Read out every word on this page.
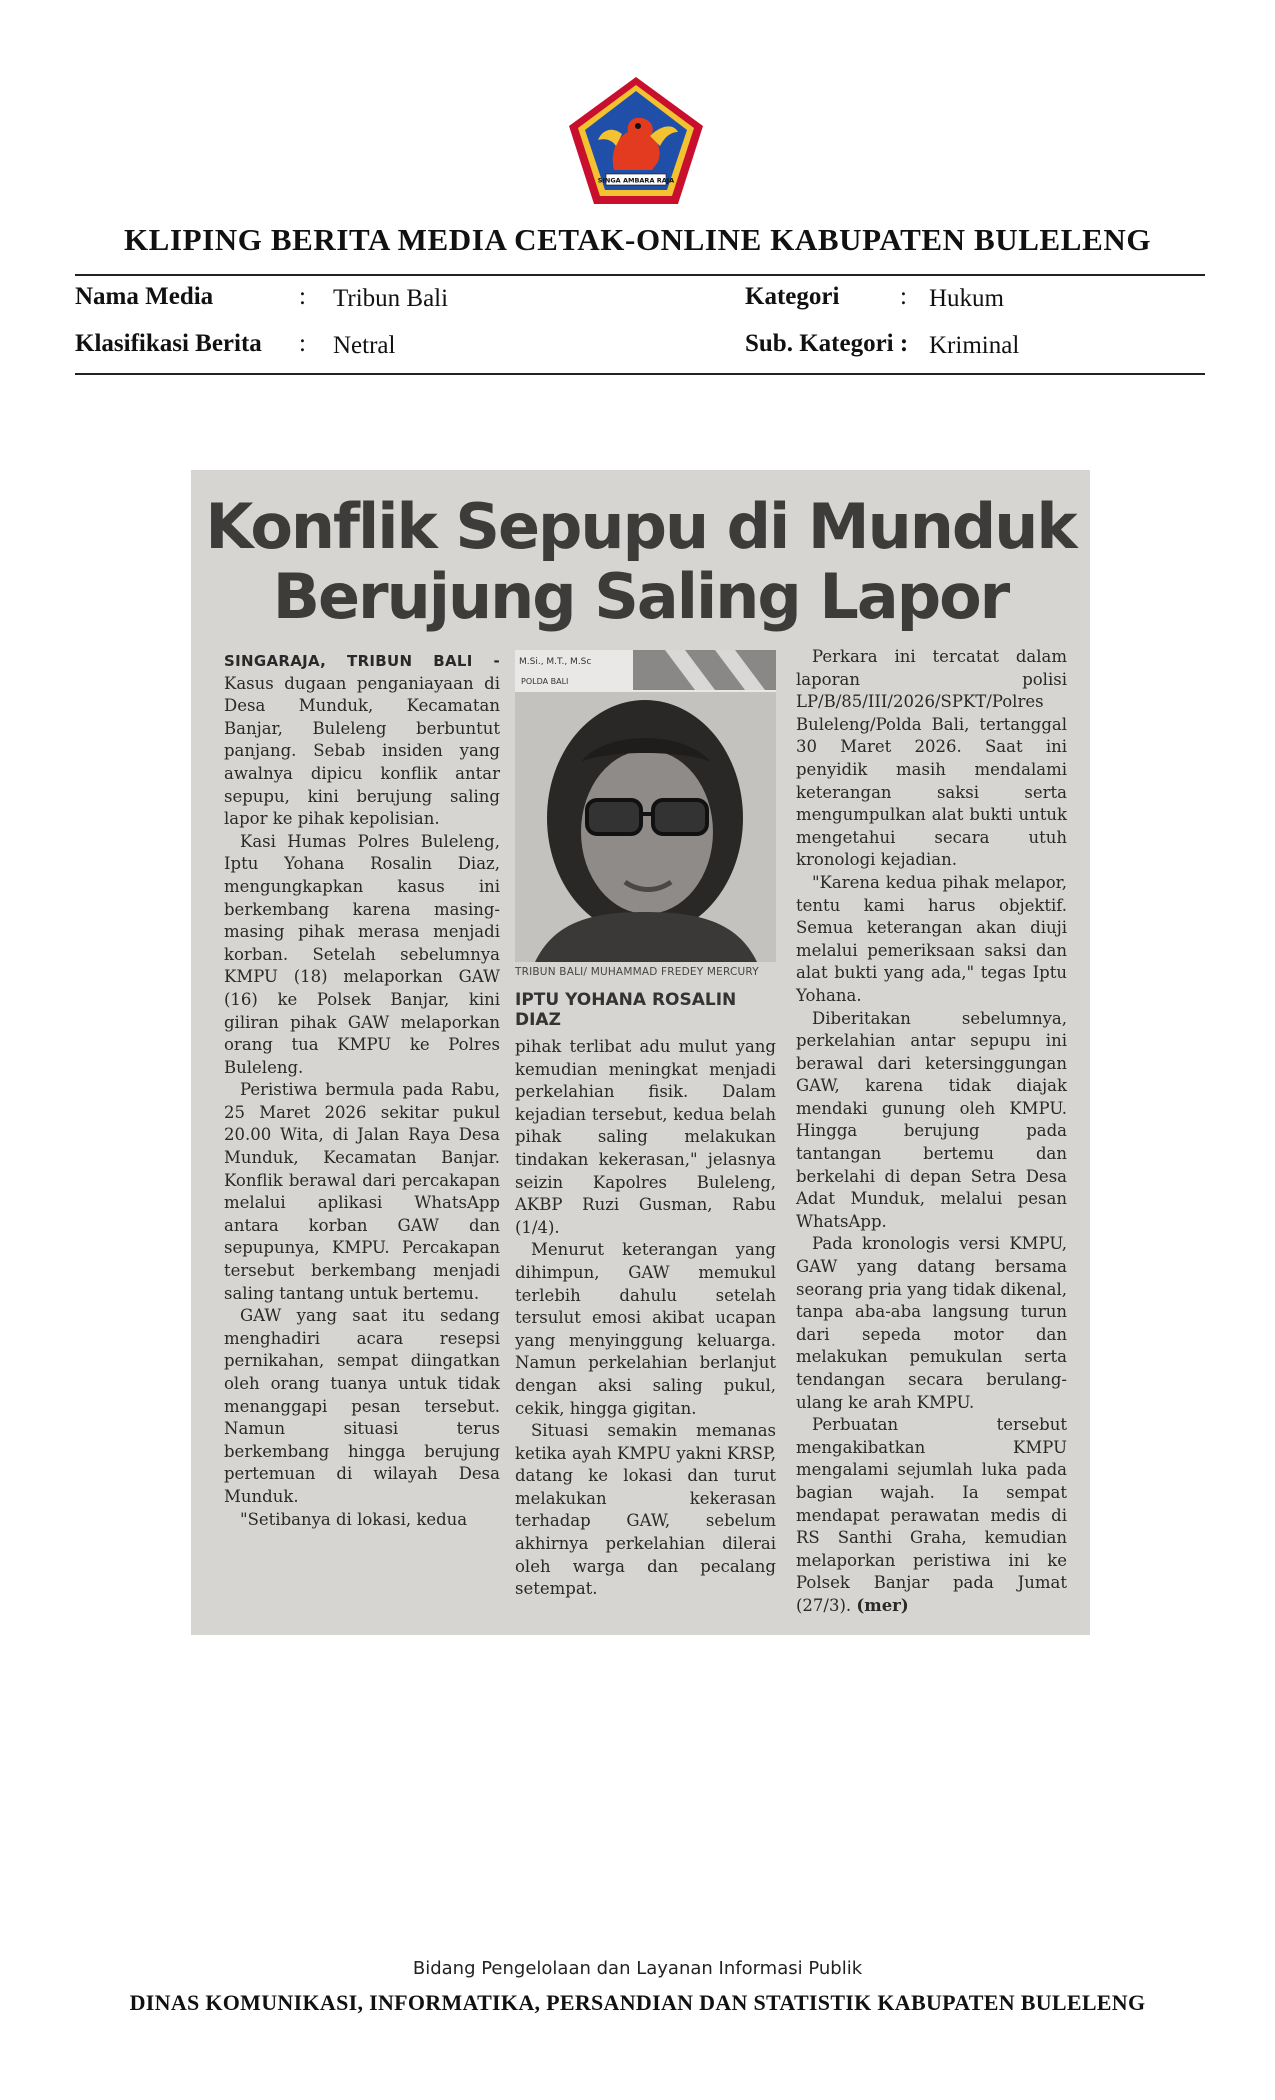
SINGA AMBARA RAJA
KLIPING BERITA MEDIA CETAK-ONLINE KABUPATEN BULELENG
Nama Media	: Tribun Bali	Kategori : Hukum
Klasifikasi Berita : Netral	Sub. Kategori : Kriminal
Konflik Sepupu di Munduk
Berujung Saling Lapor

SINGARAJA, TRIBUN BALI - Kasus dugaan penganiayaan di Desa Munduk, Kecamatan Banjar, Buleleng berbuntut panjang. Sebab insiden yang awalnya dipicu konflik antar sepupu, kini berujung saling lapor ke pihak kepolisian.

Kasi Humas Polres Buleleng, Iptu Yohana Rosalin Diaz, mengungkapkan kasus ini berkembang karena masing-masing pihak merasa menjadi korban. Setelah sebelumnya KMPU (18) melaporkan GAW (16) ke Polsek Banjar, kini giliran pihak GAW melaporkan orang tua KMPU ke Polres Buleleng.

Peristiwa bermula pada Rabu, 25 Maret 2026 sekitar pukul 20.00 Wita, di Jalan Raya Desa Munduk, Kecamatan Banjar. Konflik berawal dari percakapan melalui aplikasi WhatsApp antara korban GAW dan sepupunya, KMPU. Percakapan tersebut berkembang menjadi saling tantang untuk bertemu.

GAW yang saat itu sedang menghadiri acara resepsi pernikahan, sempat diingatkan oleh orang tuanya untuk tidak menanggapi pesan tersebut. Namun situasi terus berkembang hingga berujung pertemuan di wilayah Desa Munduk.

"Setibanya di lokasi, kedua

M.Si., M.T., M.Sc
POLDA BALI
TRIBUN BALI/ MUHAMMAD FREDEY MERCURY
IPTU YOHANA ROSALIN DIAZ

pihak terlibat adu mulut yang kemudian meningkat menjadi perkelahian fisik. Dalam kejadian tersebut, kedua belah pihak saling melakukan tindakan kekerasan," jelasnya seizin Kapolres Buleleng, AKBP Ruzi Gusman, Rabu (1/4).

Menurut keterangan yang dihimpun, GAW memukul terlebih dahulu setelah tersulut emosi akibat ucapan yang menyinggung keluarga. Namun perkelahian berlanjut dengan aksi saling pukul, cekik, hingga gigitan.

Situasi semakin memanas ketika ayah KMPU yakni KRSP, datang ke lokasi dan turut melakukan kekerasan terhadap GAW, sebelum akhirnya perkelahian dilerai oleh warga dan pecalang setempat.

Perkara ini tercatat dalam laporan polisi LP/B/85/III/2026/SPKT/Polres Buleleng/Polda Bali, tertanggal 30 Maret 2026. Saat ini penyidik masih mendalami keterangan saksi serta mengumpulkan alat bukti untuk mengetahui secara utuh kronologi kejadian.

"Karena kedua pihak melapor, tentu kami harus objektif. Semua keterangan akan diuji melalui pemeriksaan saksi dan alat bukti yang ada," tegas Iptu Yohana.

Diberitakan sebelumnya, perkelahian antar sepupu ini berawal dari ketersinggungan GAW, karena tidak diajak mendaki gunung oleh KMPU. Hingga berujung pada tantangan bertemu dan berkelahi di depan Setra Desa Adat Munduk, melalui pesan WhatsApp.

Pada kronologis versi KMPU, GAW yang datang bersama seorang pria yang tidak dikenal, tanpa aba-aba langsung turun dari sepeda motor dan melakukan pemukulan serta tendangan secara berulang-ulang ke arah KMPU.

Perbuatan tersebut mengakibatkan KMPU mengalami sejumlah luka pada bagian wajah. Ia sempat mendapat perawatan medis di RS Santhi Graha, kemudian melaporkan peristiwa ini ke Polsek Banjar pada Jumat (27/3). (mer)

Bidang Pengelolaan dan Layanan Informasi Publik
DINAS KOMUNIKASI, INFORMATIKA, PERSANDIAN DAN STATISTIK KABUPATEN BULELENG
